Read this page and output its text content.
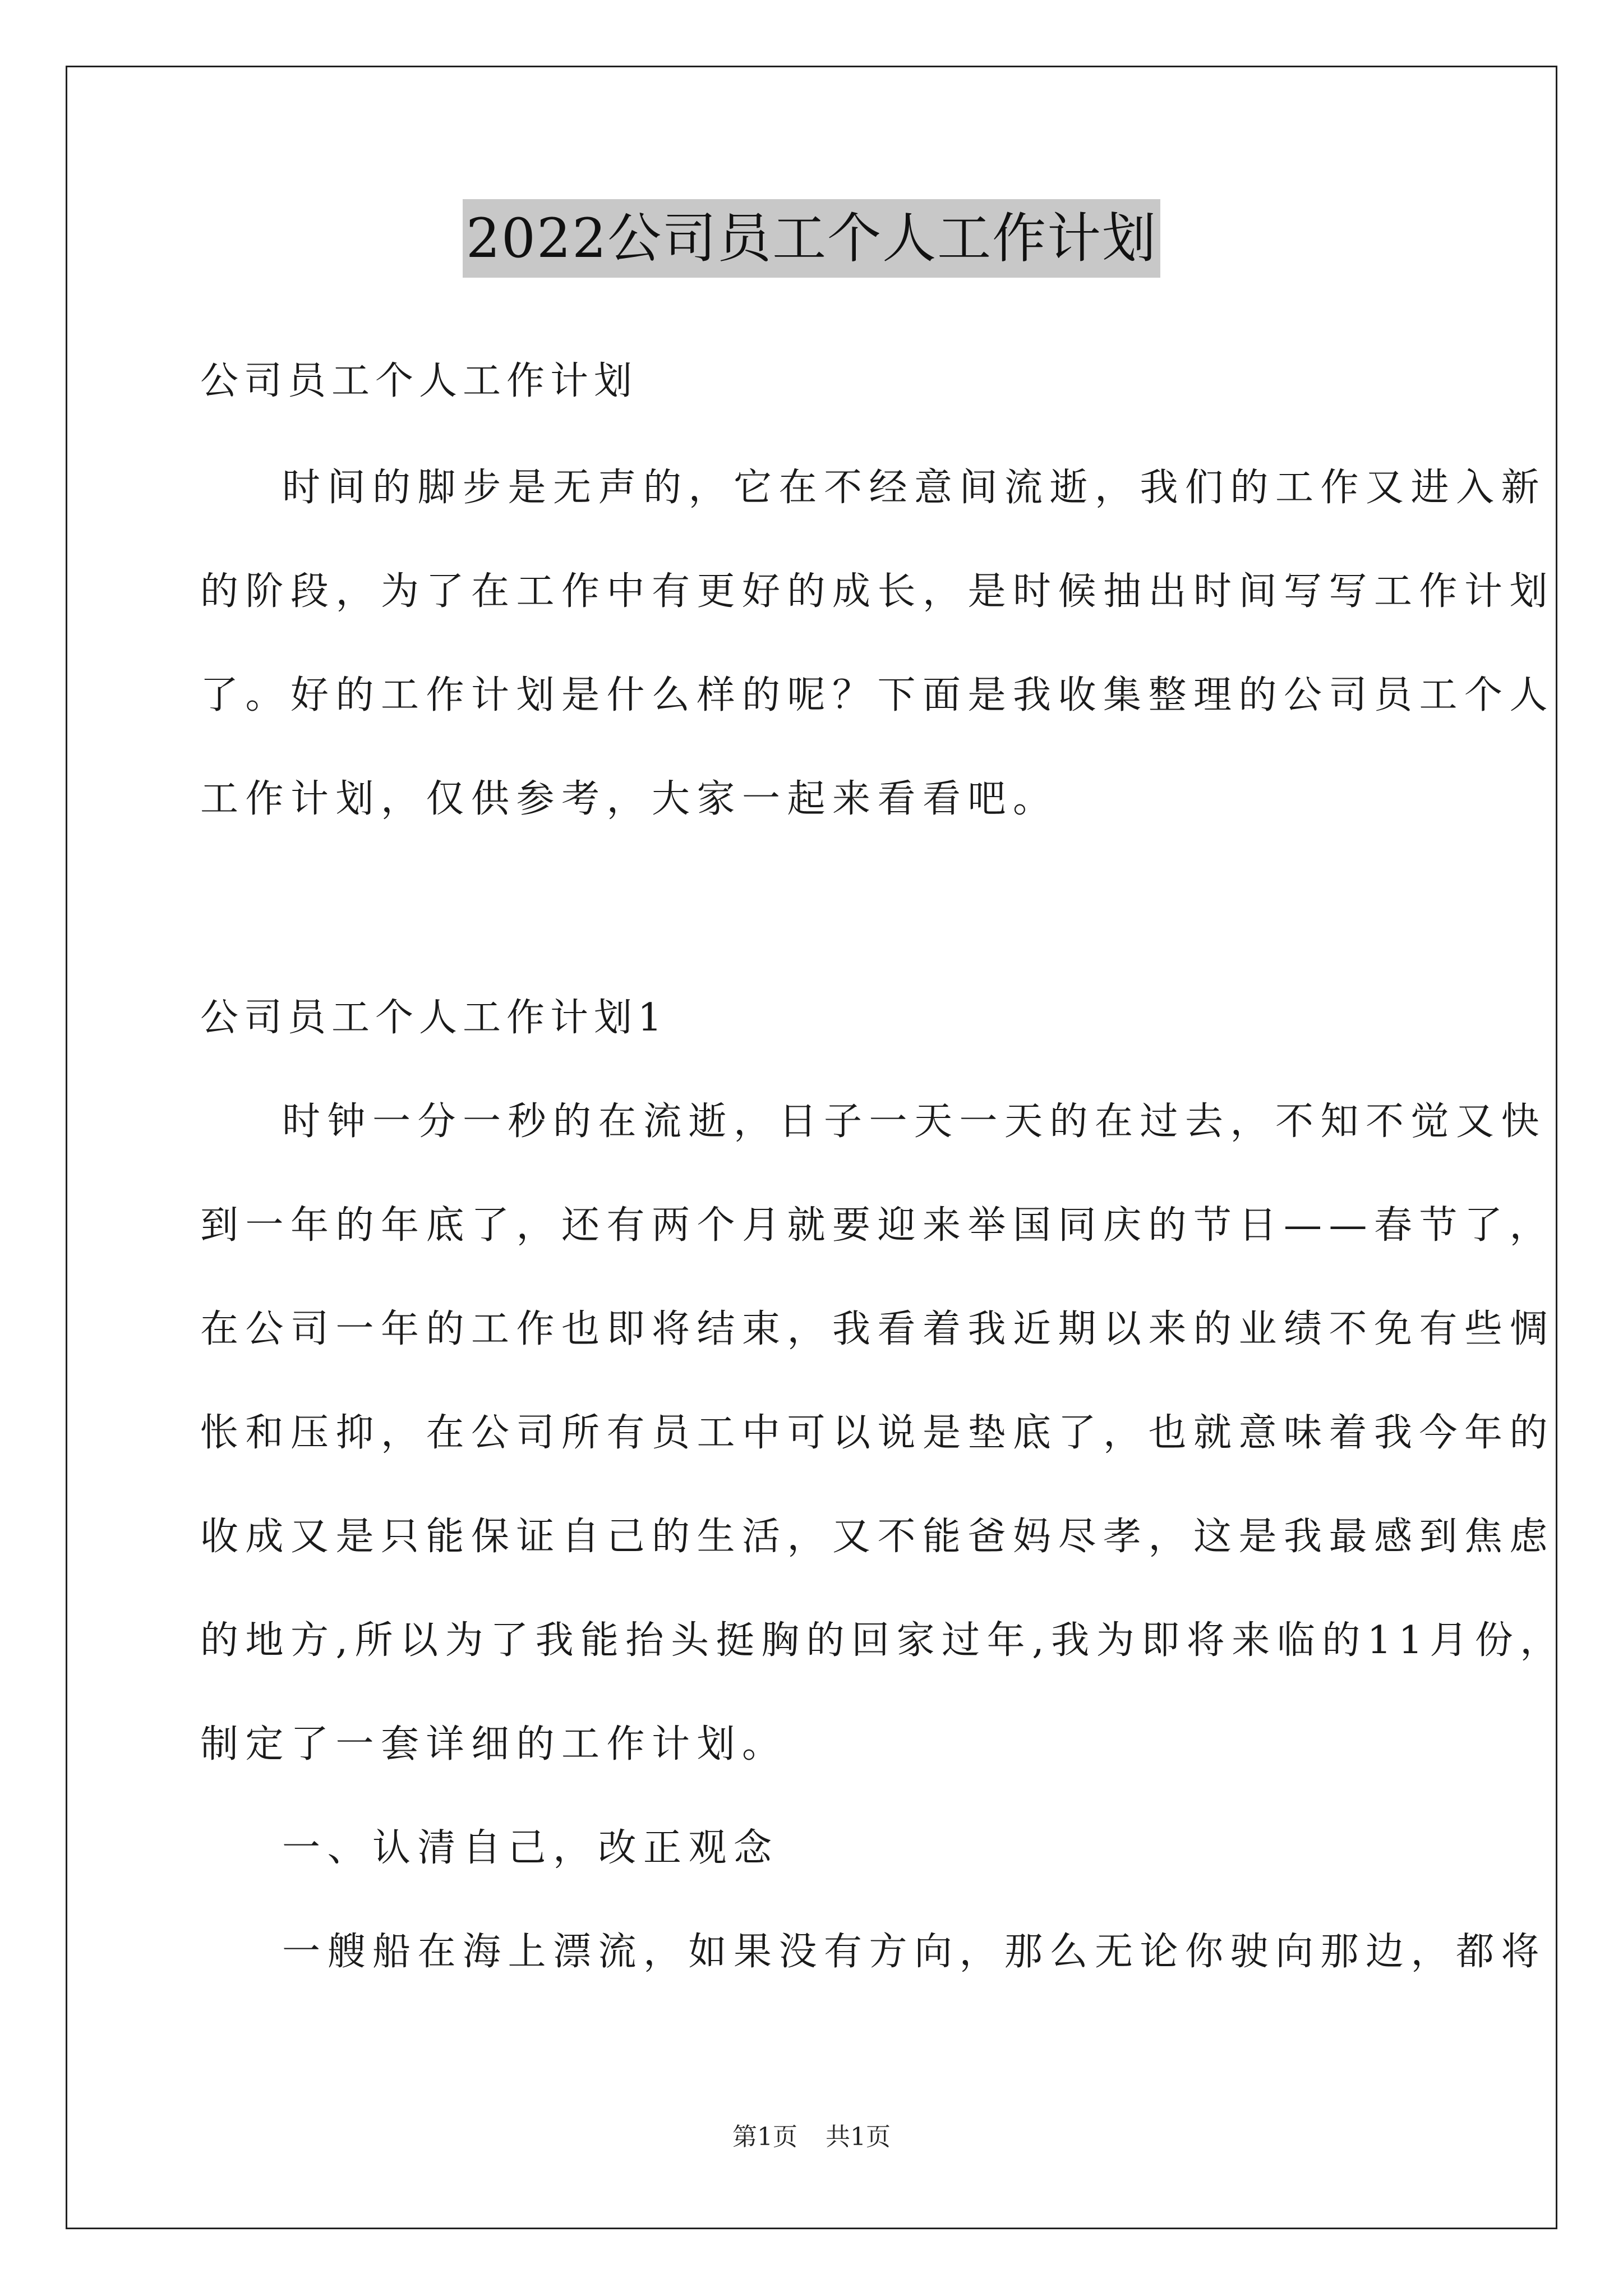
2022公司员工个人工作计划
公司员工个人工作计划
时间的脚步是无声的，它在不经意间流逝，我们的工作又进入新
的阶段，为了在工作中有更好的成长，是时候抽出时间写写工作计划
了。好的工作计划是什么样的呢？下面是我收集整理的公司员工个人
工作计划，仅供参考，大家一起来看看吧。
公司员工个人工作计划1
时钟一分一秒的在流逝，日子一天一天的在过去，不知不觉又快
到一年的年底了，还有两个月就要迎来举国同庆的节日——春节了，
在公司一年的工作也即将结束，我看着我近期以来的业绩不免有些惆
怅和压抑，在公司所有员工中可以说是垫底了，也就意味着我今年的
收成又是只能保证自己的生活，又不能爸妈尽孝，这是我最感到焦虑
的地方,所以为了我能抬头挺胸的回家过年,我为即将来临的11月份，
制定了一套详细的工作计划。
一、认清自己，改正观念
一艘船在海上漂流，如果没有方向，那么无论你驶向那边，都将
第1页 共1页
